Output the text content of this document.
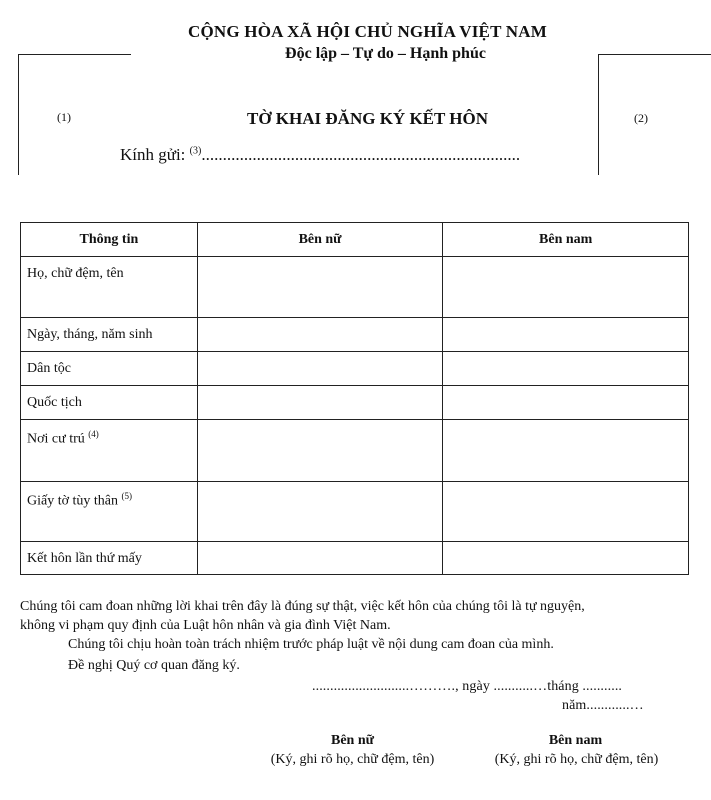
CỘNG HÒA XÃ HỘI CHỦ NGHĨA VIỆT NAM
Độc lập – Tự do – Hạnh phúc
(1)	(2)
TỜ KHAI ĐĂNG KÝ KẾT HÔN
Kính gửi: $^{(3)}$...........................................................................
Thông tin	Bên nữ	Bên nam
Họ, chữ đệm, tên		
Ngày, tháng, năm sinh		
Dân tộc		
Quốc tịch		
Nơi cư trú $^{(4)}$		
Giấy tờ tùy thân $^{(5)}$		
Kết hôn lần thứ mấy		
Chúng tôi cam đoan những lời khai trên đây là đúng sự thật, việc kết hôn của chúng tôi là tự nguyện,
không vi phạm quy định của Luật hôn nhân và gia đình Việt Nam.
Chúng tôi chịu hoàn toàn trách nhiệm trước pháp luật về nội dung cam đoan của mình.
Đề nghị Quý cơ quan đăng ký.
...........................………., ngày ...........…tháng ...........
năm............…
Bên nữ
(Ký, ghi rõ họ, chữ đệm, tên)
Bên nam
(Ký, ghi rõ họ, chữ đệm, tên)
